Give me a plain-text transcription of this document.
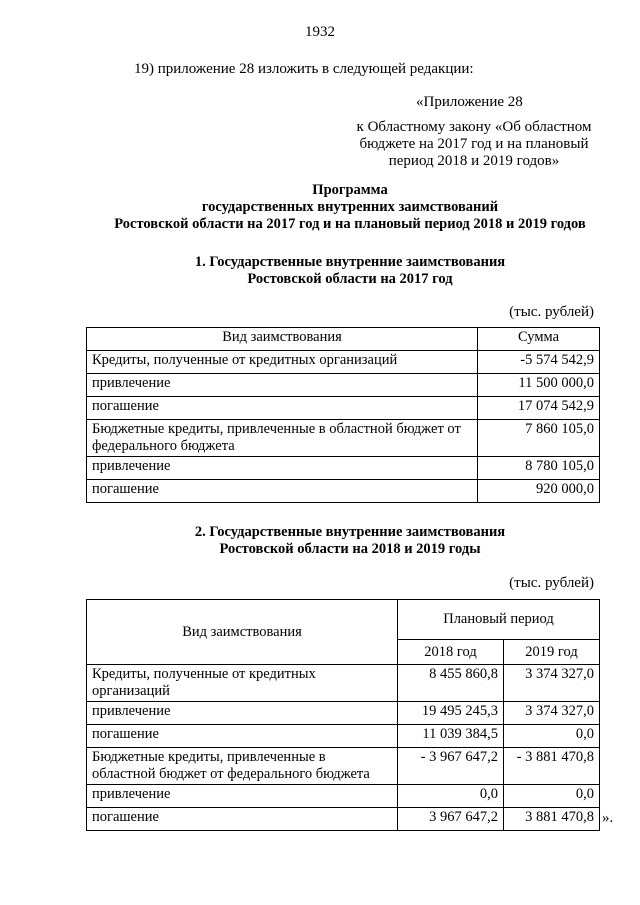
1932
19) приложение 28 изложить в следующей редакции:
«Приложение 28
к Областному закону «Об областном бюджете на 2017 год и на плановый период 2018 и 2019 годов»
Программа
государственных внутренних заимствований
Ростовской области на 2017 год и на плановый период 2018 и 2019 годов
1. Государственные внутренние заимствования
Ростовской области на 2017 год
(тыс. рублей)
Вид заимствования	Сумма
Кредиты, полученные от кредитных организаций	-5 574 542,9
привлечение	11 500 000,0
погашение	17 074 542,9
Бюджетные кредиты, привлеченные в областной бюджет от федерального бюджета	7 860 105,0
привлечение	8 780 105,0
погашение	920 000,0
2. Государственные внутренние заимствования
Ростовской области на 2018 и 2019 годы
(тыс. рублей)
Вид заимствования	Плановый период	
	2018 год	2019 год
Кредиты, полученные от кредитных организаций	8 455 860,8	3 374 327,0
привлечение	19 495 245,3	3 374 327,0
погашение	11 039 384,5	0,0
Бюджетные кредиты, привлеченные в областной бюджет от федерального бюджета	- 3 967 647,2	- 3 881 470,8
привлечение	0,0	0,0
погашение	3 967 647,2	3 881 470,8 ».
